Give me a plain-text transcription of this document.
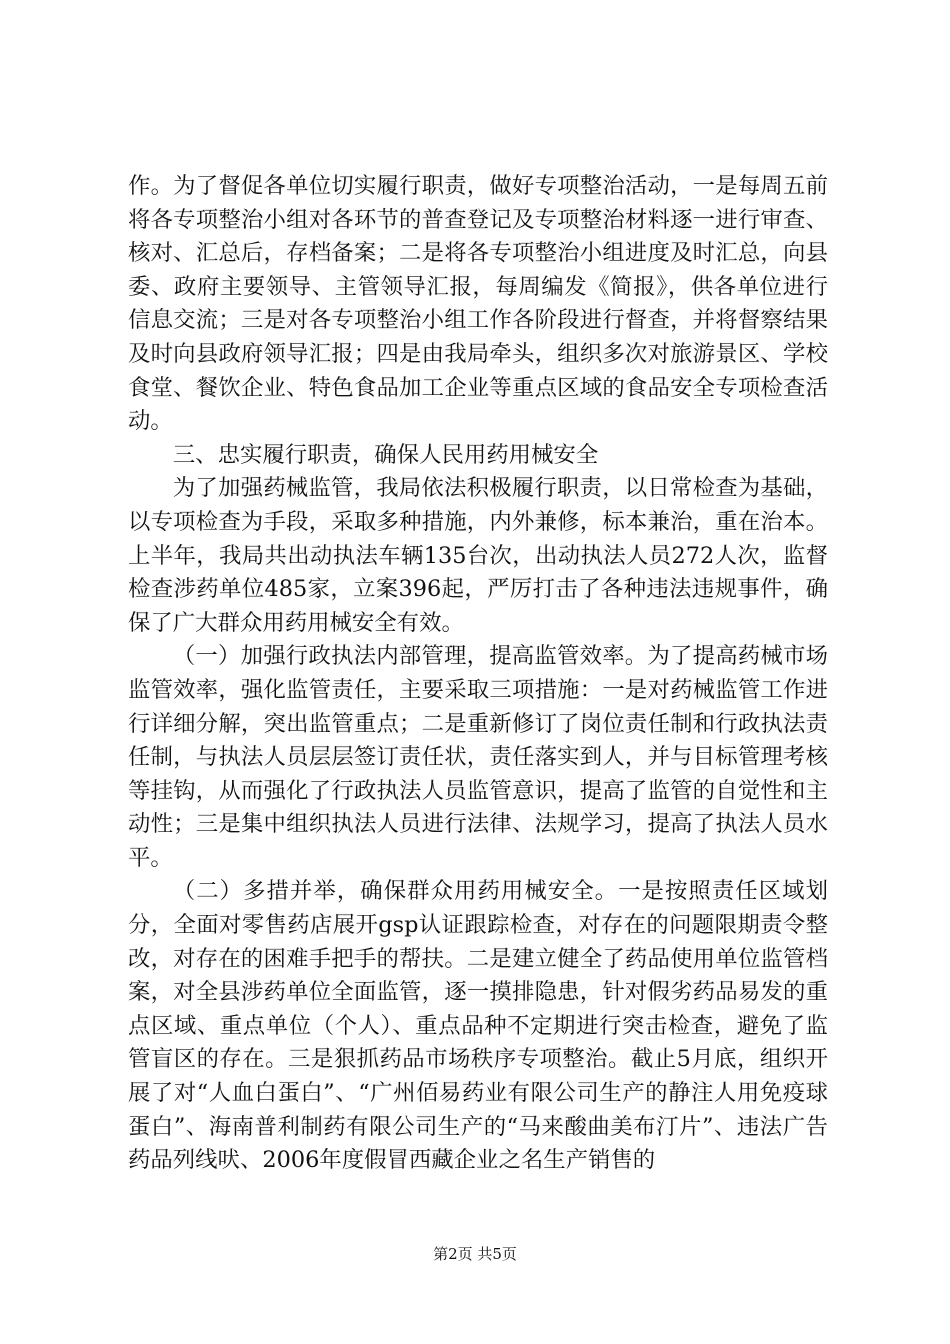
作。为了督促各单位切实履行职责，做好专项整治活动，一是每周五前将各专项整治小组对各环节的普查登记及专项整治材料逐一进行审查、核对、汇总后，存档备案；二是将各专项整治小组进度及时汇总，向县委、政府主要领导、主管领导汇报，每周编发《简报》，供各单位进行信息交流；三是对各专项整治小组工作各阶段进行督查，并将督察结果及时向县政府领导汇报；四是由我局牵头，组织多次对旅游景区、学校食堂、餐饮企业、特色食品加工企业等重点区域的食品安全专项检查活动。

三、忠实履行职责，确保人民用药用械安全

为了加强药械监管，我局依法积极履行职责，以日常检查为基础，以专项检查为手段，采取多种措施，内外兼修，标本兼治，重在治本。上半年，我局共出动执法车辆135台次，出动执法人员272人次，监督检查涉药单位485家，立案396起，严厉打击了各种违法违规事件，确保了广大群众用药用械安全有效。

（一）加强行政执法内部管理，提高监管效率。为了提高药械市场监管效率，强化监管责任，主要采取三项措施：一是对药械监管工作进行详细分解，突出监管重点；二是重新修订了岗位责任制和行政执法责任制，与执法人员层层签订责任状，责任落实到人，并与目标管理考核等挂钩，从而强化了行政执法人员监管意识，提高了监管的自觉性和主动性；三是集中组织执法人员进行法律、法规学习，提高了执法人员水平。

（二）多措并举，确保群众用药用械安全。一是按照责任区域划分，全面对零售药店展开gsp认证跟踪检查，对存在的问题限期责令整改，对存在的困难手把手的帮扶。二是建立健全了药品使用单位监管档案，对全县涉药单位全面监管，逐一摸排隐患，针对假劣药品易发的重点区域、重点单位（个人）、重点品种不定期进行突击检查，避免了监管盲区的存在。三是狠抓药品市场秩序专项整治。截止5月底，组织开展了对“人血白蛋白”、“广州佰易药业有限公司生产的静注人用免疫球蛋白”、海南普利制药有限公司生产的“马来酸曲美布汀片”、违法广告药品列线吠、2006年度假冒西藏企业之名生产销售的

第2页 共5页
